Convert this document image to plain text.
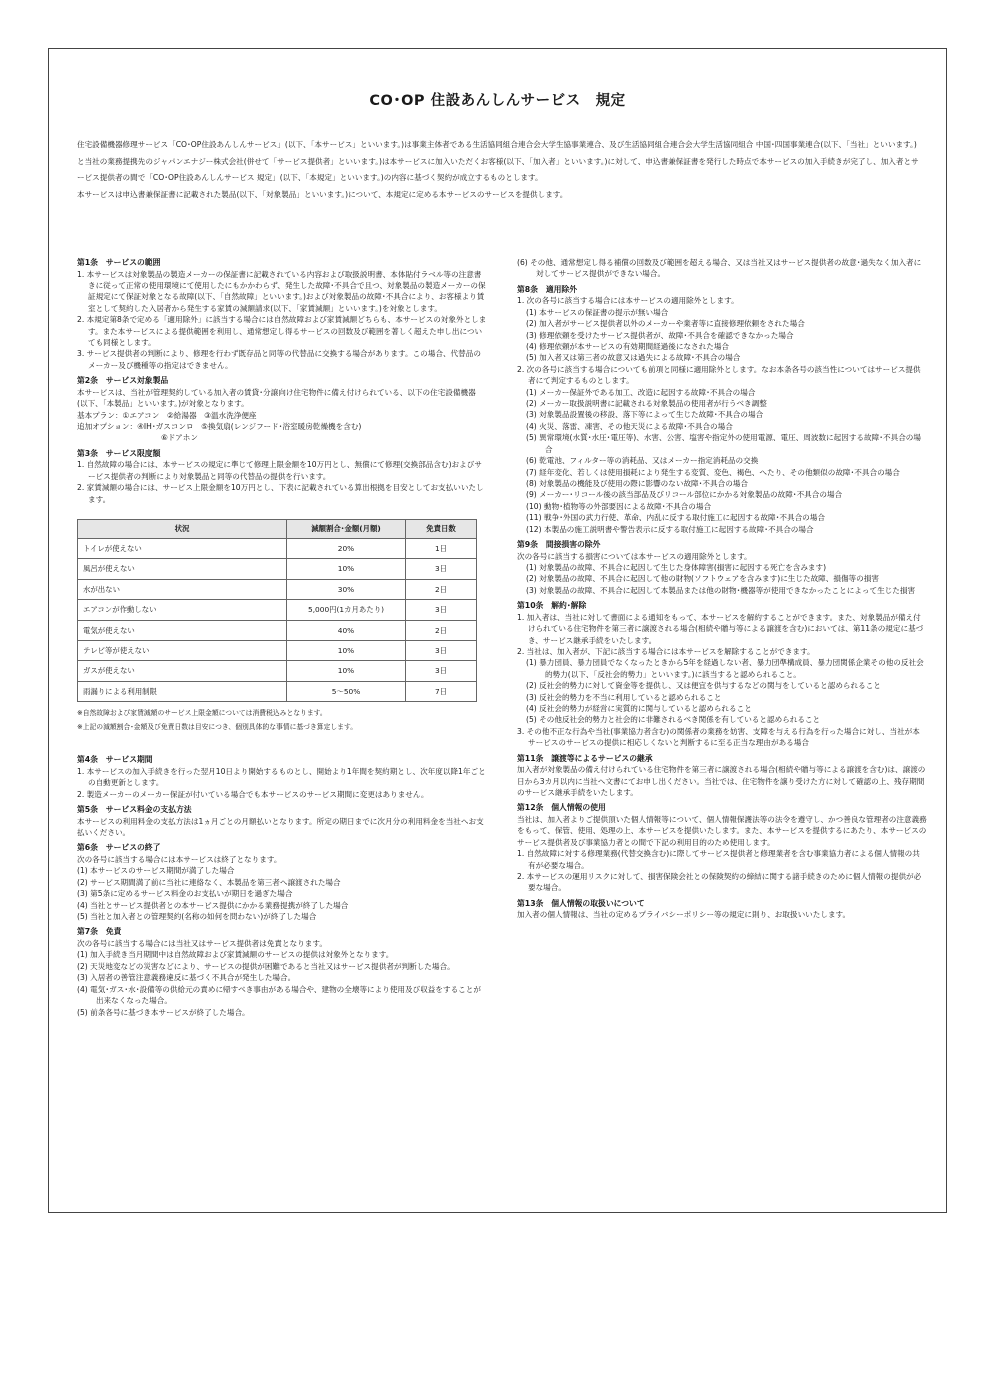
CO･OP 住設あんしんサービス　規定

住宅設備機器修理サービス「CO･OP住設あんしんサービス」(以下、「本サービス」といいます。)は事業主体者である生活協同組合連合会大学生協事業連合、及び生活協同組合連合会大学生活協同組合 中国･四国事業連合(以下、「当社」といいます。)と当社の業務提携先のジャパンエナジー株式会社(併せて「サービス提供者」といいます。)は本サービスに加入いただくお客様(以下、「加入者」といいます。)に対して、申込書兼保証書を発行した時点で本サービスの加入手続きが完了し、加入者とサービス提供者の間で「CO･OP住設あんしんサービス 規定」(以下、「本規定」といいます。)の内容に基づく契約が成立するものとします。

本サービスは申込書兼保証書に記載された製品(以下、「対象製品」といいます。)について、本規定に定める本サービスのサービスを提供します。

第1条　サービスの範囲

1. 本サービスは対象製品の製造メーカーの保証書に記載されている内容および取扱説明書、本体貼付ラベル等の注意書きに従って正常の使用環境にて使用したにもかかわらず、発生した故障･不具合で且つ、対象製品の製造メーカーの保証規定にて保証対象となる故障(以下、「自然故障」といいます。)および対象製品の故障･不具合により、お客様より賃室として契約した入居者から発生する家賃の減額請求(以下、「家賃減額」といいます。)を対象とします。

2. 本規定第8条で定める「適用除外」に該当する場合には自然故障および家賃減額どちらも、本サービスの対象外とします。また本サービスによる提供範囲を利用し、通常想定し得るサービスの回数及び範囲を著しく超えた申し出についても同様とします。

3. サービス提供者の判断により、修理を行わず既存品と同等の代替品に交換する場合があります。この場合、代替品のメーカー及び機種等の指定はできません。

第2条　サービス対象製品

本サービスは、当社が管理契約している加入者の賃貸･分譲向け住宅物件に備え付けられている、以下の住宅設備機器 (以下、「本製品」といいます。)が対象となります。

基本プラン：①エアコン　②給湯器　③温水洗浄便座

追加オプション：④IH･ガスコンロ　⑤換気扇(レンジフード･浴室暖房乾燥機を含む)

⑥ドアホン

第3条　サービス限度額

1. 自然故障の場合には、本サービスの規定に準じて修理上限金額を10万円とし、無償にて修理(交換部品含む)およびサービス提供者の判断により対象製品と同等の代替品の提供を行います。

2. 家賃減額の場合には、サービス上限金額を10万円とし、下表に記載されている算出根拠を目安としてお支払いいたします。

状況	減額割合･金額(月額)	免責日数
トイレが使えない	20%	1日
風呂が使えない	10%	3日
水が出ない	30%	2日
エアコンが作動しない	5,000円(1カ月あたり)	3日
電気が使えない	40%	2日
テレビ等が使えない	10%	3日
ガスが使えない	10%	3日
雨漏りによる利用制限	5〜50%	7日

※自然故障および家賃減額のサービス上限金額については消費税込みとなります。

※上記の減額割合･金額及び免責日数は目安につき、個別具体的な事情に基づき算定します。

第4条　サービス期間

1. 本サービスの加入手続きを行った翌月10日より開始するものとし、開始より1年間を契約期とし、次年度以降1年ごとの自動更新とします。

2. 製造メーカーのメーカー保証が付いている場合でも本サービスのサービス期間に変更はありません。

第5条　サービス料金の支払方法

本サービスの利用料金の支払方法は1ヵ月ごとの月額払いとなります。所定の期日までに次月分の利用料金を当社へお支払いください。

第6条　サービスの終了

次の各号に該当する場合には本サービスは終了となります。

(1) 本サービスのサービス期間が満了した場合

(2) サービス期間満了前に当社に連絡なく、本製品を第三者へ譲渡された場合

(3) 第5条に定めるサービス料金のお支払いが期日を過ぎた場合

(4) 当社とサービス提供者との本サービス提供にかかる業務提携が終了した場合

(5) 当社と加入者との管理契約(名称の如何を問わない)が終了した場合

第7条　免責

次の各号に該当する場合には当社又はサービス提供者は免責となります。

(1) 加入手続き当月期間中は自然故障および家賃減額のサービスの提供は対象外となります。

(2) 天災地変などの災害などにより、サービスの提供が困難であると当社又はサービス提供者が判断した場合。

(3) 入居者の善管注意義務違反に基づく不具合が発生した場合。

(4) 電気･ガス･水･設備等の供給元の責めに帰すべき事由がある場合や、建物の全壊等により使用及び収益をすることが出来なくなった場合。

(5) 前条各号に基づき本サービスが終了した場合。

(6) その他、通常想定し得る補償の回数及び範囲を超える場合、又は当社又はサービス提供者の故意･過失なく加入者に対してサービス提供ができない場合。

第8条　適用除外

1. 次の各号に該当する場合には本サービスの適用除外とします。

(1) 本サービスの保証書の提示が無い場合

(2) 加入者がサービス提供者以外のメーカーや業者等に直接修理依頼をされた場合

(3) 修理依頼を受けたサービス提供者が、故障･不具合を確認できなかった場合

(4) 修理依頼が本サービスの有効期間経過後になされた場合

(5) 加入者又は第三者の故意又は過失による故障･不具合の場合

2. 次の各号に該当する場合についても前項と同様に適用除外とします。なお本条各号の該当性についてはサービス提供者にて判定するものとします。

(1) メーカー保証外である加工、改造に起因する故障･不具合の場合

(2) メーカー取扱説明書に記載される対象製品の使用者が行うべき調整

(3) 対象製品設置後の移設、落下等によって生じた故障･不具合の場合

(4) 火災、落雷、凍害、その他天災による故障･不具合の場合

(5) 異常環境(水質･水圧･電圧等)、水害、公害、塩害や指定外の使用電源、電圧、周波数に起因する故障･不具合の場合

(6) 乾電池、フィルター等の消耗品、又はメーカー指定消耗品の交換

(7) 経年変化、若しくは使用損耗により発生する変質、変色、褐色、へたり、その他類似の故障･不具合の場合

(8) 対象製品の機能及び使用の際に影響のない故障･不具合の場合

(9) メーカー･リコール後の該当部品及びリコール部位にかかる対象製品の故障･不具合の場合

(10) 動物･植物等の外部要因による故障･不具合の場合

(11) 戦争･外国の武力行使、革命、内乱に反する取付施工に起因する故障･不具合の場合

(12) 本製品の施工説明書や警告表示に反する取付施工に起因する故障･不具合の場合

第9条　間接損害の除外

次の各号に該当する損害については本サービスの適用除外とします。

(1) 対象製品の故障、不具合に起因して生じた身体障害(損害に起因する死亡を含みます)

(2) 対象製品の故障、不具合に起因して他の財物(ソフトウェアを含みます)に生じた故障、損傷等の損害

(3) 対象製品の故障、不具合に起因して本製品または他の財物･機器等が使用できなかったことによって生じた損害

第10条　解約･解除

1. 加入者は、当社に対して書面による通知をもって、本サービスを解約することができます。また、対象製品が備え付けられている住宅物件を第三者に譲渡される場合(相続や贈与等による譲渡を含む)においては、第11条の規定に基づき、サービス継承手続をいたします。

2. 当社は、加入者が、下記に該当する場合には本サービスを解除することができます。

(1) 暴力団員、暴力団員でなくなったときから5年を経過しない者、暴力団準構成員、暴力団関係企業その他の反社会的勢力(以下、「反社会的勢力」といいます。)に該当すると認められること。

(2) 反社会的勢力に対して資金等を提供し、又は便宜を供与するなどの関与をしていると認められること

(3) 反社会的勢力を不当に利用していると認められること

(4) 反社会的勢力が経営に実質的に関与していると認められること

(5) その他反社会的勢力と社会的に非難されるべき関係を有していると認められること

3. その他不正な行為や当社(事業協力者含む)の関係者の業務を妨害、支障を与える行為を行った場合に対し、当社が本サービスのサービスの提供に相応しくないと判断するに至る正当な理由がある場合

第11条　譲渡等によるサービスの継承

加入者が対象製品の備え付けられている住宅物件を第三者に譲渡される場合(相続や贈与等による譲渡を含む)は、譲渡の日から3カ月以内に当社へ文書にてお申し出ください。当社では、住宅物件を譲り受けた方に対して確認の上、残存期間のサービス継承手続をいたします。

第12条　個人情報の使用

当社は、加入者よりご提供頂いた個人情報等について、個人情報保護法等の法令を遵守し、かつ善良な管理者の注意義務をもって、保管、使用、処理の上、本サービスを提供いたします。また、本サービスを提供するにあたり、本サービスのサービス提供者及び事業協力者との間で下記の利用目的のため使用します。

1. 自然故障に対する修理業務(代替交換含む)に際してサービス提供者と修理業者を含む事業協力者による個人情報の共有が必要な場合。

2. 本サービスの運用リスクに対して、損害保険会社との保険契約の締結に関する諸手続きのために個人情報の提供が必要な場合。

第13条　個人情報の取扱いについて

加入者の個人情報は、当社の定めるプライバシーポリシー等の規定に則り、お取扱いいたします。
